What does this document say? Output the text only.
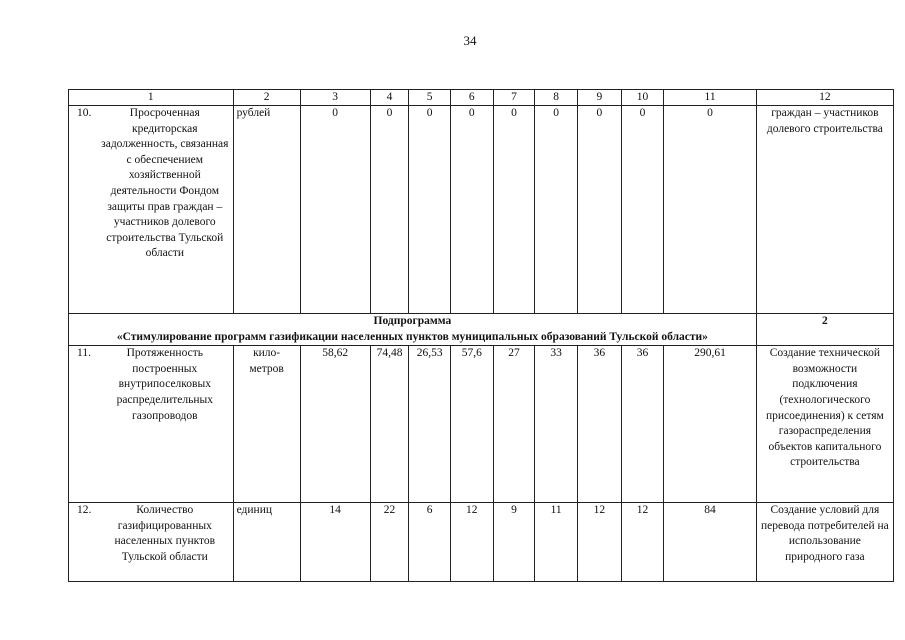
34
1	2	3	4	5	6	7	8	9	10	11	12

10. Просроченная кредиторская задолженность, связанная с обеспечением хозяйственной деятельности Фондом защиты прав граждан – участников долевого строительства Тульской области	рублей	0	0	0	0	0	0	0	0	0	граждан – участников долевого строительства

Подпрограмма
«Стимулирование программ газификации населенных пунктов муниципальных образований Тульской области»											2

11. Протяженность построенных внутрипоселковых распределительных газопроводов	кило-метров	58,62	74,48	26,53	57,6	27	33	36	36	290,61	Создание технической возможности подключения (технологического присоединения) к сетям газораспределения объектов капитального строительства

12. Количество газифицированных населенных пунктов Тульской области	единиц	14	22	6	12	9	11	12	12	84	Создание условий для перевода потребителей на использование природного газа
